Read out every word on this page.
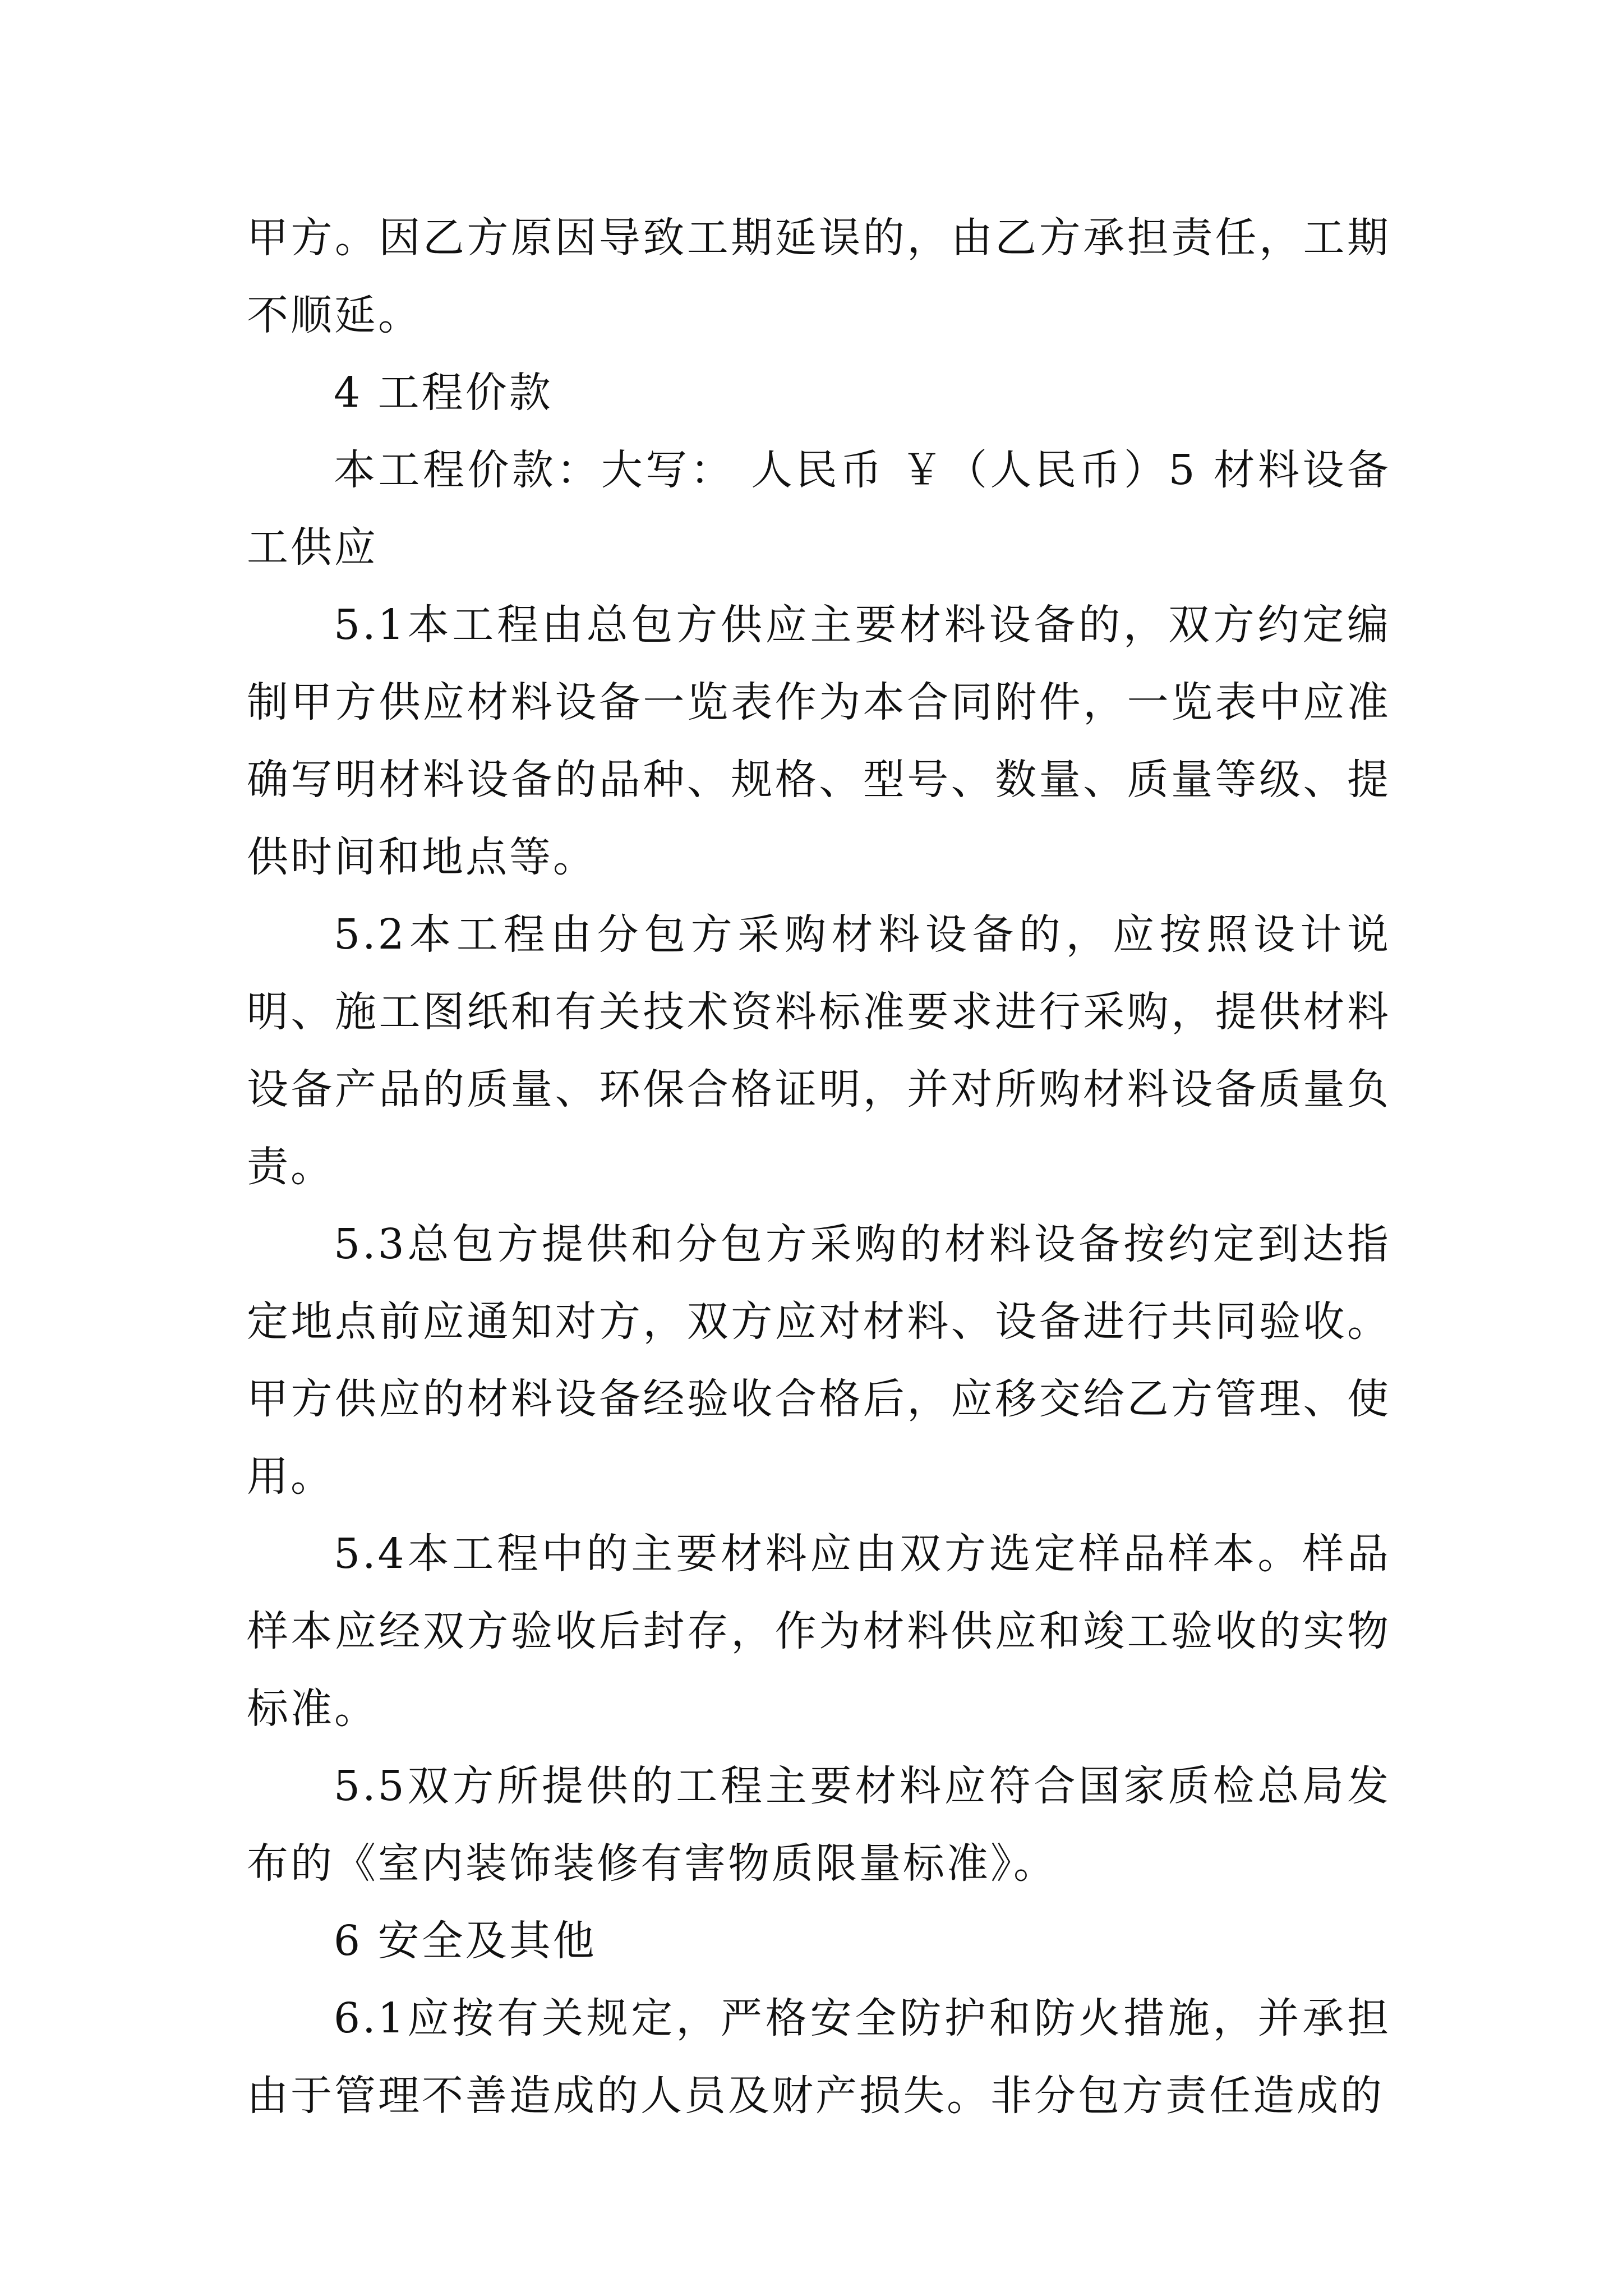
甲方。因乙方原因导致工期延误的，由乙方承担责任，工期不顺延。

4 工程价款

本工程价款：大写： 人民币 ￥（人民币）5 材料设备工供应

5.1本工程由总包方供应主要材料设备的，双方约定编制甲方供应材料设备一览表作为本合同附件，一览表中应准确写明材料设备的品种、规格、型号、数量、质量等级、提供时间和地点等。

5.2本工程由分包方采购材料设备的，应按照设计说明、施工图纸和有关技术资料标准要求进行采购，提供材料设备产品的质量、环保合格证明，并对所购材料设备质量负责。

5.3总包方提供和分包方采购的材料设备按约定到达指定地点前应通知对方，双方应对材料、设备进行共同验收。甲方供应的材料设备经验收合格后，应移交给乙方管理、使用。

5.4本工程中的主要材料应由双方选定样品样本。样品样本应经双方验收后封存，作为材料供应和竣工验收的实物标准。

5.5双方所提供的工程主要材料应符合国家质检总局发布的《室内装饰装修有害物质限量标准》。

6 安全及其他

6.1应按有关规定，严格安全防护和防火措施，并承担由于管理不善造成的人员及财产损失。非分包方责任造成的
